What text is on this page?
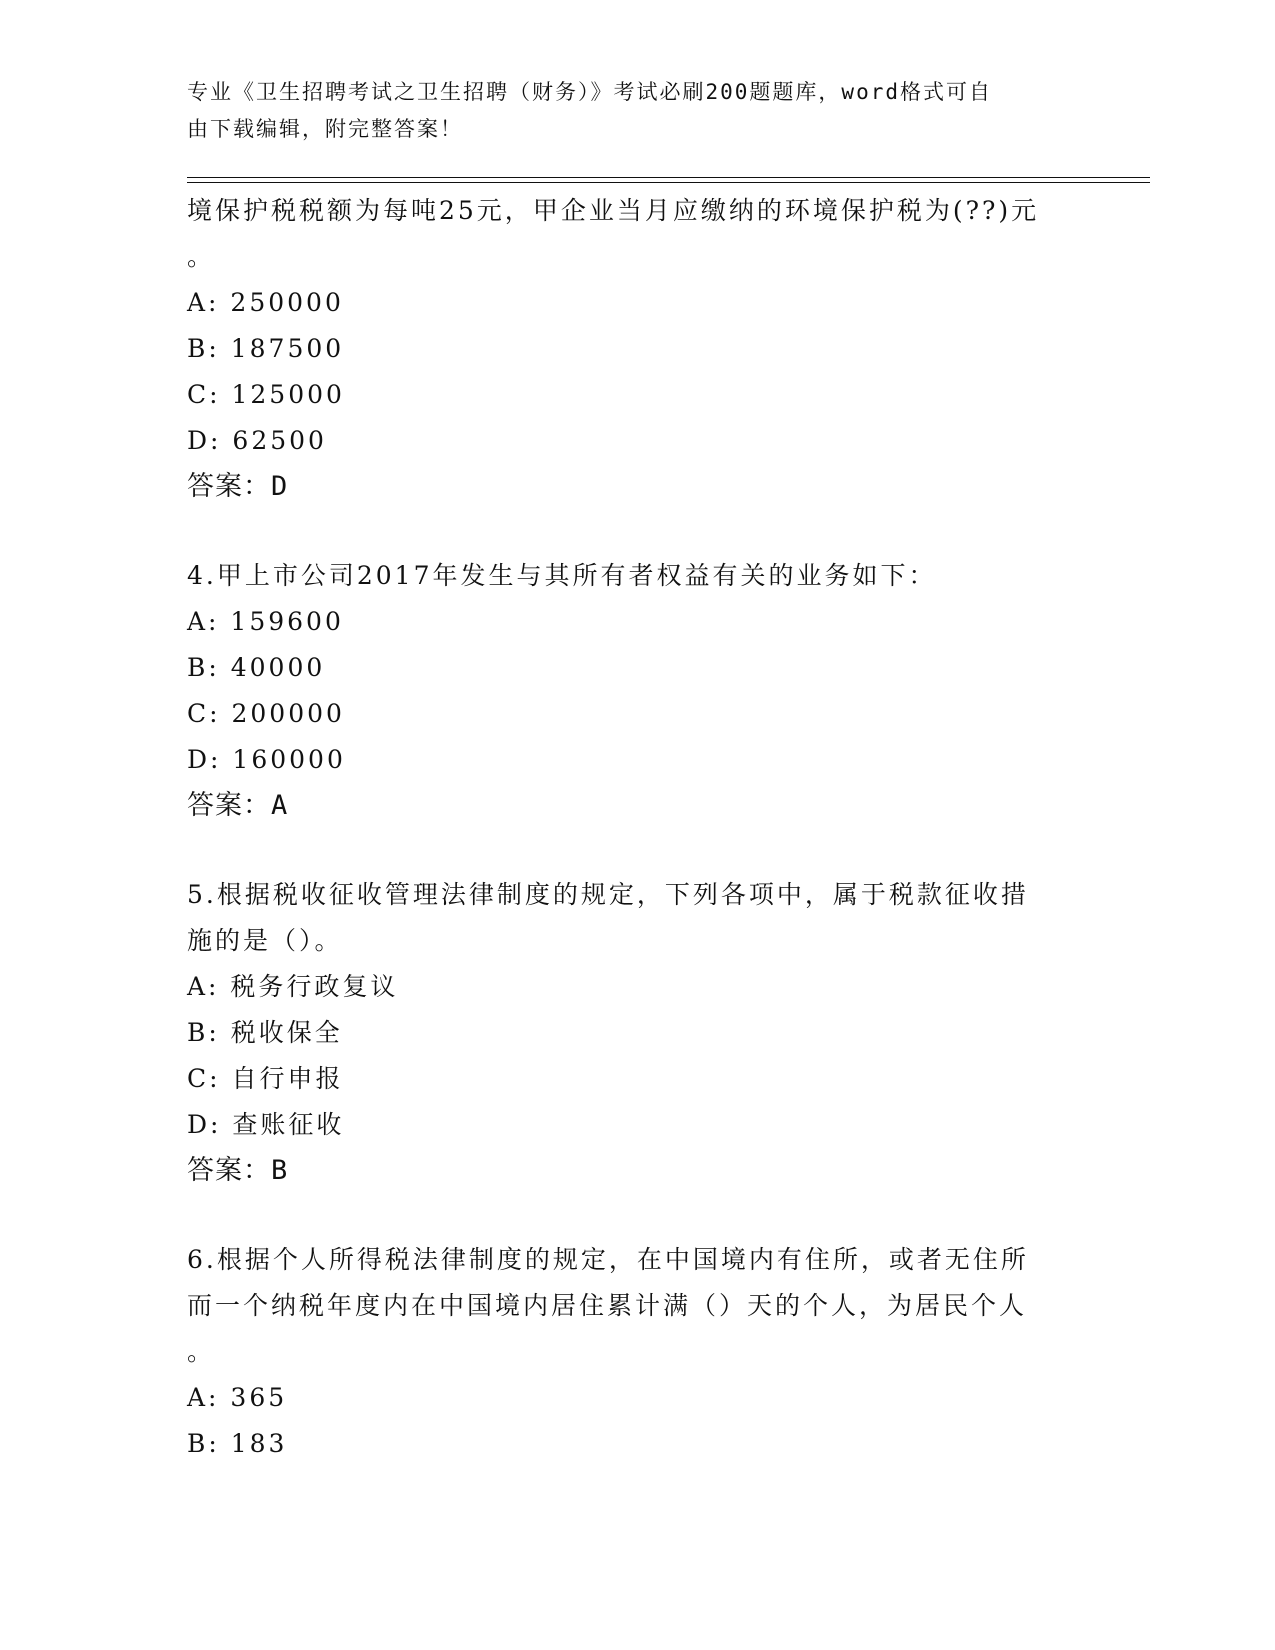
专业《卫生招聘考试之卫生招聘（财务）》考试必刷200题题库，word格式可自
由下载编辑，附完整答案！
境保护税税额为每吨25元，甲企业当月应缴纳的环境保护税为(??)元
。
A: 250000
B: 187500
C: 125000
D: 62500
答案：D
4.甲上市公司2017年发生与其所有者权益有关的业务如下：
A: 159600
B: 40000
C: 200000
D: 160000
答案：A
5.根据税收征收管理法律制度的规定，下列各项中，属于税款征收措
施的是（）。
A: 税务行政复议
B: 税收保全
C: 自行申报
D: 查账征收
答案：B
6.根据个人所得税法律制度的规定，在中国境内有住所，或者无住所
而一个纳税年度内在中国境内居住累计满（）天的个人，为居民个人
。
A: 365
B: 183
